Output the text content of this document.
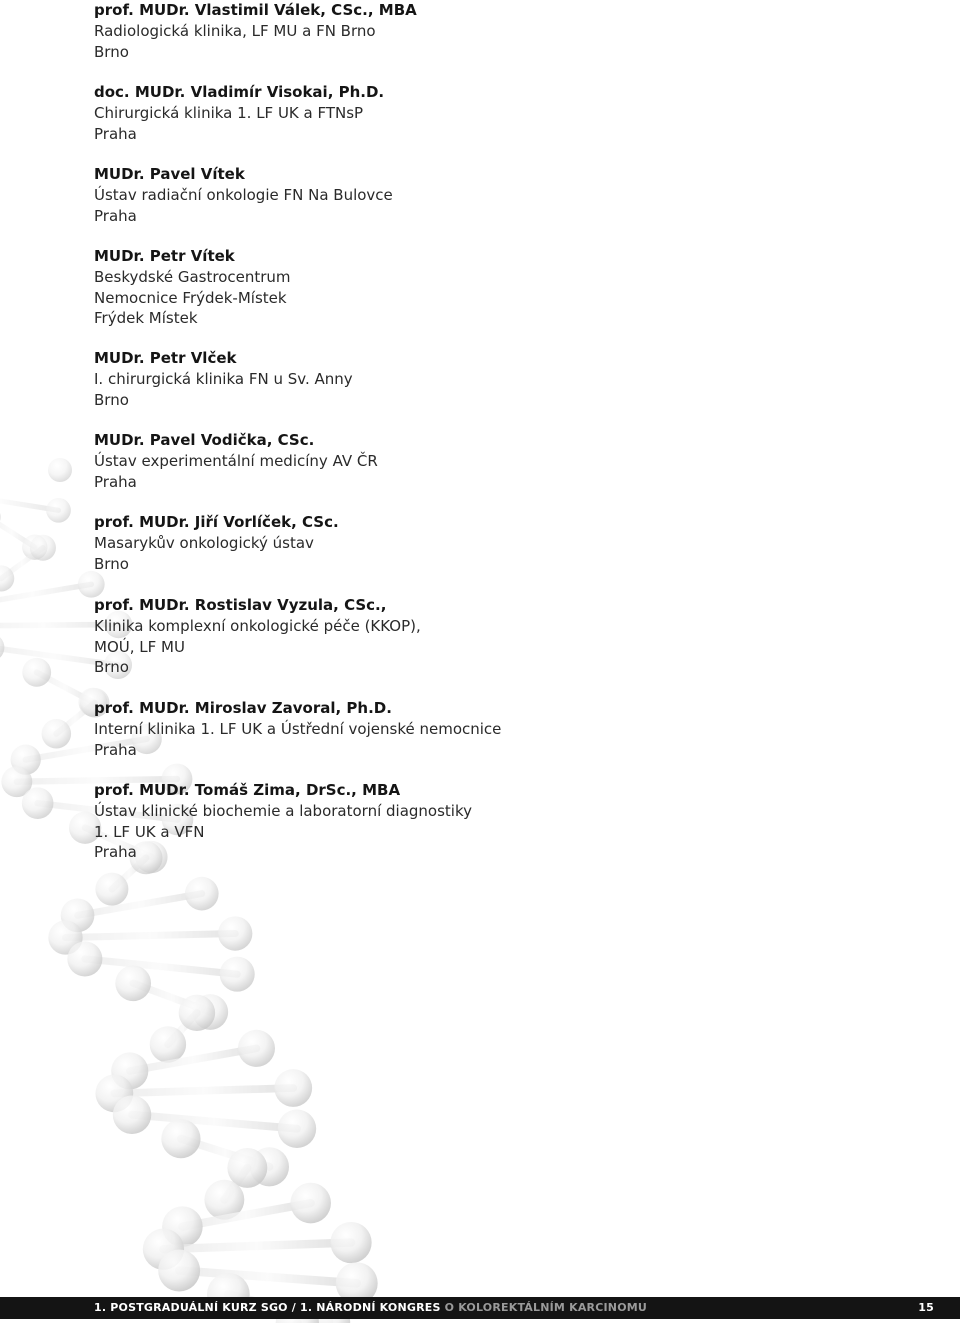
prof. MUDr. Vlastimil Válek, CSc., MBA
Radiologická klinika, LF MU a FN Brno
Brno
doc. MUDr. Vladimír Visokai, Ph.D.
Chirurgická klinika 1. LF UK a FTNsP
Praha
MUDr. Pavel Vítek
Ústav radiační onkologie FN Na Bulovce
Praha
MUDr. Petr Vítek
Beskydské Gastrocentrum
Nemocnice Frýdek-Místek
Frýdek Místek
MUDr. Petr Vlček
I. chirurgická klinika FN u Sv. Anny
Brno
MUDr. Pavel Vodička, CSc.
Ústav experimentální medicíny AV ČR
Praha
prof. MUDr. Jiří Vorlíček, CSc.
Masarykův onkologický ústav
Brno
prof. MUDr. Rostislav Vyzula, CSc.,
Klinika komplexní onkologické péče (KKOP),
MOÚ, LF MU
Brno
prof. MUDr. Miroslav Zavoral, Ph.D.
Interní klinika 1. LF UK a Ústřední vojenské nemocnice
Praha
prof. MUDr. Tomáš Zima, DrSc., MBA
Ústav klinické biochemie a laboratorní diagnostiky
1. LF UK a VFN
Praha
1. POSTGRADUÁLNÍ KURZ SGO / 1. NÁRODNÍ KONGRES O KOLOREKTÁLNÍM KARCINOMU	15
